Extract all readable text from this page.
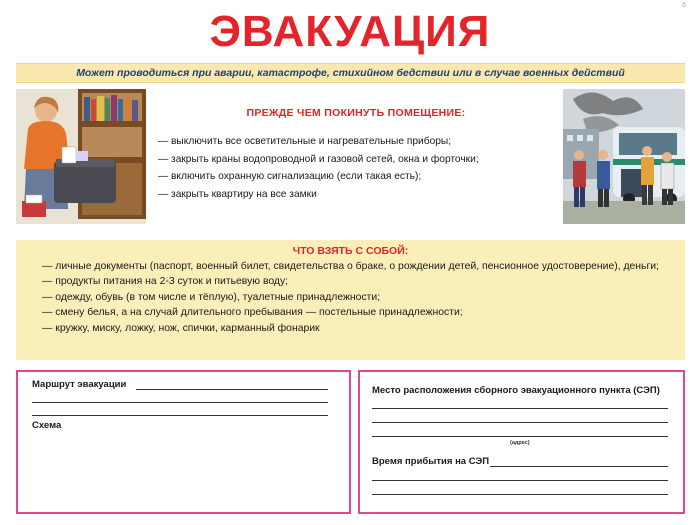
6
ЭВАКУАЦИЯ
Может проводиться при аварии, катастрофе, стихийном бедствии или в случае военных действий
ПРЕЖДЕ ЧЕМ ПОКИНУТЬ ПОМЕЩЕНИЕ:
— выключить все осветительные и нагревательные приборы;
— закрыть краны водопроводной и газовой сетей, окна и форточки;
— включить охранную сигнализацию (если такая есть);
— закрыть квартиру на все замки
ЧТО ВЗЯТЬ С СОБОЙ:
— личные документы (паспорт, военный билет, свидетельства о браке, о рождении детей, пенсионное удостоверение), деньги;
— продукты питания на 2-3 суток и питьевую воду;
— одежду, обувь (в том числе и тёплую), туалетные принадлежности;
— смену белья, а на случай длительного пребывания — постельные принадлежности;
— кружку, миску, ложку, нож, спички, карманный фонарик
Маршрут эвакуации
Схема
Место расположения сборного эвакуационного пункта (СЭП)
(адрес)
Время прибытия на СЭП
